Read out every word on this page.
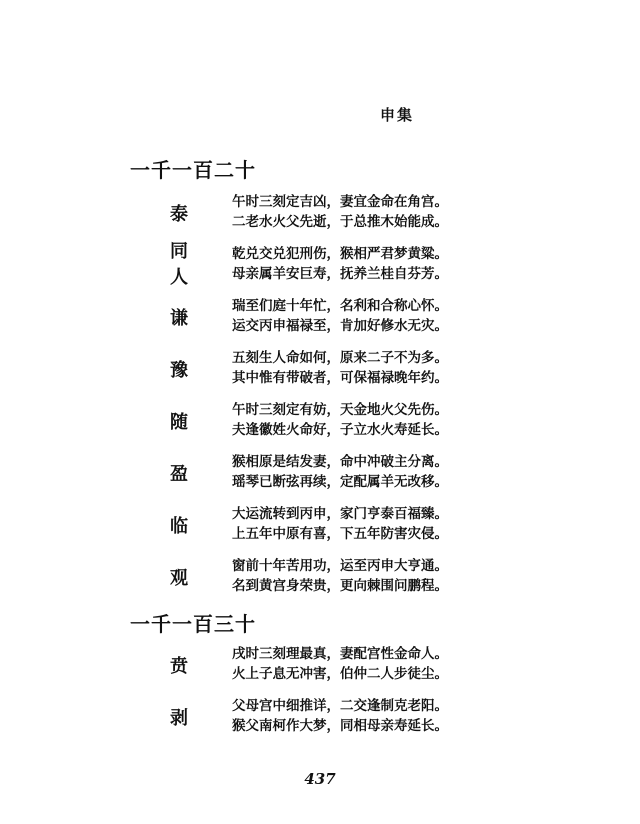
申集
一千一百二十
泰
午时三刻定吉凶，妻宜金命在角宫。
二老水火父先逝，于总推木始能成。
同
人
乾兑交兑犯刑伤，猴相严君梦黄粱。
母亲属羊安巨寿，抚养兰桂自芬芳。
谦
瑞至们庭十年忙，名利和合称心怀。
运交丙申福禄至，肯加好修水无灾。
豫
五刻生人命如何，原来二子不为多。
其中惟有带破者，可保福禄晚年约。
随
午时三刻定有妨，天金地火父先伤。
夫逢徽姓火命好，子立水火寿延长。
盈
猴相原是结发妻，命中冲破主分离。
瑶琴已断弦再续，定配属羊无改移。
临
大运流转到丙申，家门亨泰百福臻。
上五年中原有喜，下五年防害灾侵。
观
窗前十年苦用功，运至丙申大亨通。
名到黄宫身荣贵，更向棘围问鹏程。
一千一百三十
贲
戌时三刻理最真，妻配宫性金命人。
火上子息无冲害，伯仲二人步徒尘。
剥
父母宫中细推详，二交逢制克老阳。
猴父南柯作大梦，同相母亲寿延长。
437
